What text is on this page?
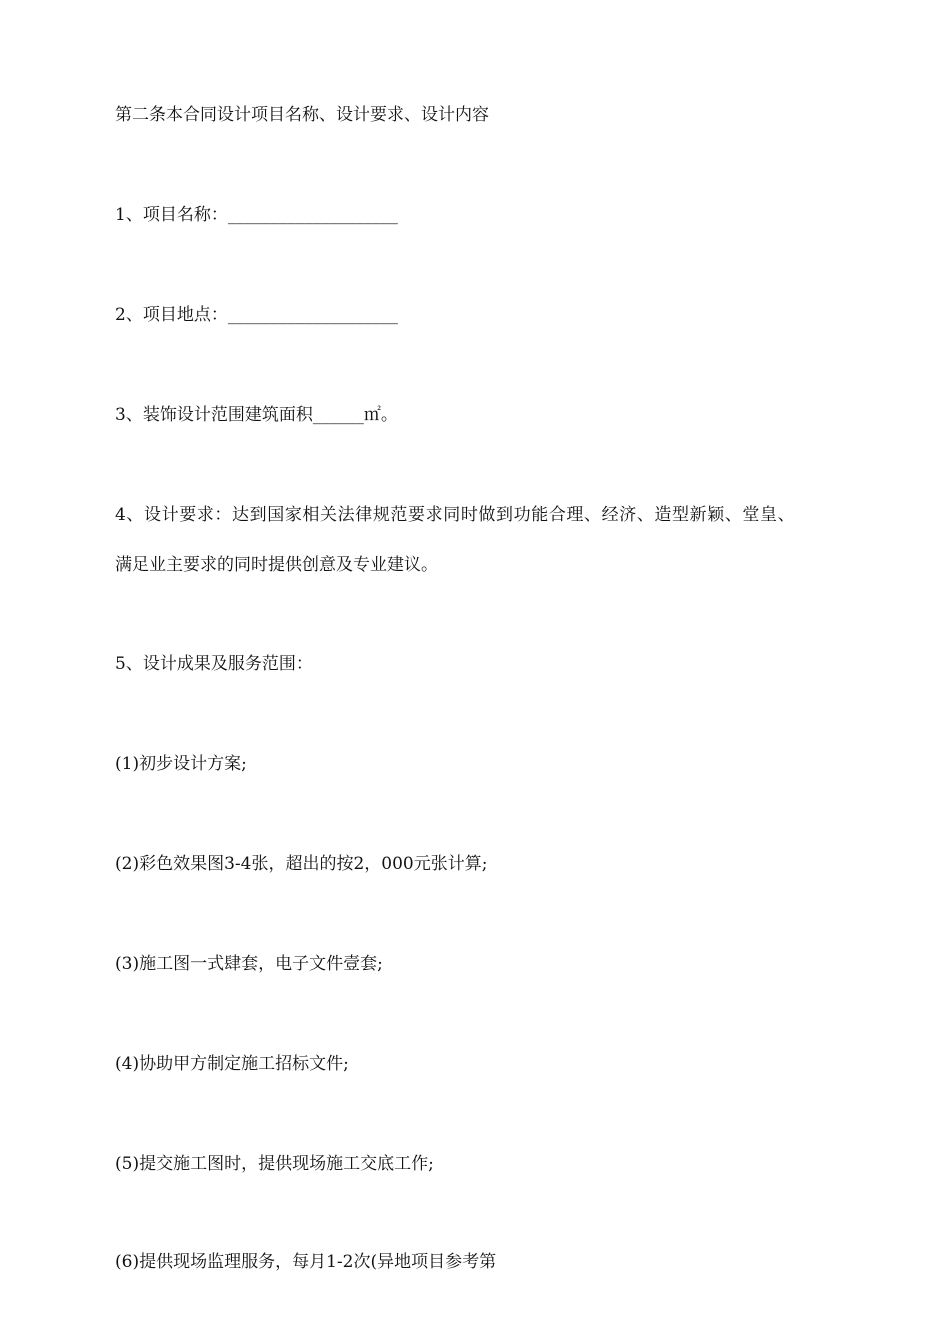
第二条本合同设计项目名称、设计要求、设计内容
1、项目名称：____________________
2、项目地点：____________________
3、装饰设计范围建筑面积______㎡。
4、设计要求：达到国家相关法律规范要求同时做到功能合理、经济、造型新颖、堂皇、
满足业主要求的同时提供创意及专业建议。
5、设计成果及服务范围：
(1)初步设计方案;
(2)彩色效果图3-4张，超出的按2，000元张计算;
(3)施工图一式肆套，电子文件壹套;
(4)协助甲方制定施工招标文件;
(5)提交施工图时，提供现场施工交底工作;
(6)提供现场监理服务，每月1-2次(异地项目参考第
